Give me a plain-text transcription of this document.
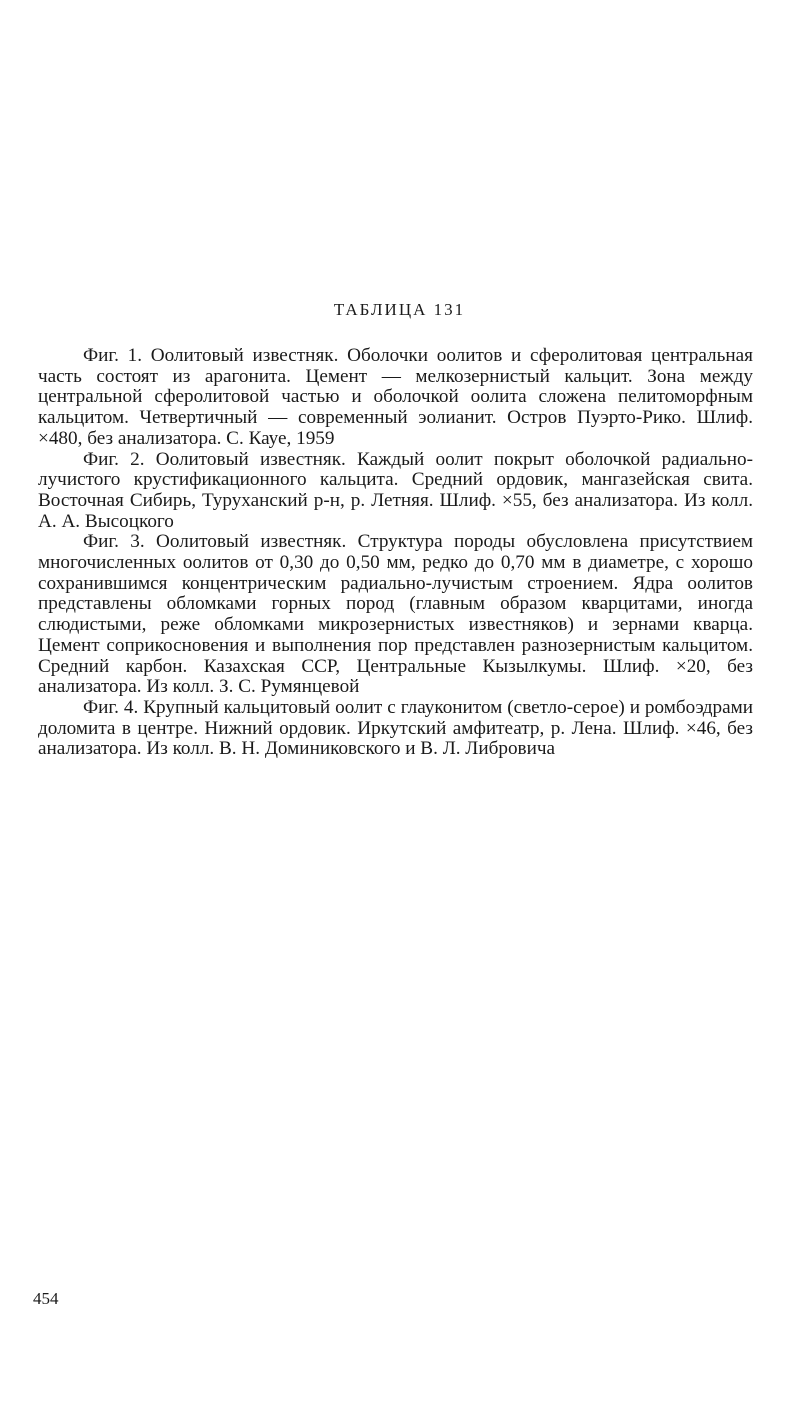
ТАБЛИЦА 131

Фиг. 1. Оолитовый известняк. Оболочки оолитов и сферолитовая центральная часть состоят из арагонита. Цемент — мелкозернистый кальцит. Зона между центральной сферолитовой частью и оболочкой оолита сложена пелитоморфным кальцитом. Четвертичный — современный эолианит. Остров Пуэрто-Рико. Шлиф. ×480, без анализатора. С. Кауе, 1959

Фиг. 2. Оолитовый известняк. Каждый оолит покрыт оболочкой радиально-лучистого крустификационного кальцита. Средний ордовик, мангазейская свита. Восточная Сибирь, Туруханский р-н, р. Летняя. Шлиф. ×55, без анализатора. Из колл. А. А. Высоцкого

Фиг. 3. Оолитовый известняк. Структура породы обусловлена присутствием многочисленных оолитов от 0,30 до 0,50 мм, редко до 0,70 мм в диаметре, с хорошо сохранившимся концентрическим радиально-лучистым строением. Ядра оолитов представлены обломками горных пород (главным образом кварцитами, иногда слюдистыми, реже обломками микрозернистых известняков) и зернами кварца. Цемент соприкосновения и выполнения пор представлен разнозернистым кальцитом. Средний карбон. Казахская ССР, Центральные Кызылкумы. Шлиф. ×20, без анализатора. Из колл. З. С. Румянцевой

Фиг. 4. Крупный кальцитовый оолит с глауконитом (светло-серое) и ромбоэдрами доломита в центре. Нижний ордовик. Иркутский амфитеатр, р. Лена. Шлиф. ×46, без анализатора. Из колл. В. Н. Доминиковского и В. Л. Либровича

454
